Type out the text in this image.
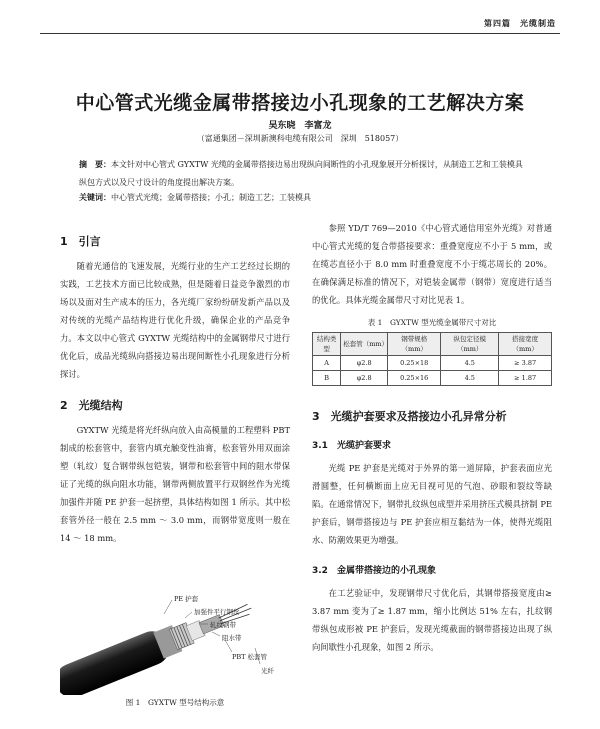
第四篇　光缆制造
中心管式光缆金属带搭接边小孔现象的工艺解决方案
吴东晓　李富龙
（富通集团－深圳新澳科电缆有限公司　深圳　518057）
摘　要：本文针对中心管式 GYXTW 光缆的金属带搭接边易出现纵向间断性的小孔现象展开分析探讨，从制造工艺和工装模具纵包方式以及尺寸设计的角度提出解决方案。
关键词：中心管式光缆；金属带搭接；小孔；制造工艺；工装模具
1　引言

随着光通信的飞速发展，光缆行业的生产工艺经过长期的实践，工艺技术方面已比较成熟，但是随着日益竞争激烈的市场以及面对生产成本的压力，各光缆厂家纷纷研发新产品以及对传统的光缆产品结构进行优化升级，确保企业的产品竞争力。本文以中心管式 GYXTW 光缆结构中的金属钢带尺寸进行优化后，成品光缆纵向搭接边易出现间断性小孔现象进行分析探讨。

2　光缆结构

GYXTW 光缆是将光纤纵向放入由高模量的工程塑料 PBT 制成的松套管中，套管内填充触变性油膏，松套管外用双面涂塑（轧纹）复合钢带纵包铠装，钢带和松套管中间的阻水带保证了光缆的纵向阻水功能，钢带两侧放置平行双钢丝作为光缆加强件并随 PE 护套一起挤塑，具体结构如图 1 所示。其中松套管外径一般在 2.5 mm ～ 3.0 mm，而钢带宽度则一般在 14 ～ 18 mm。

PE 护套
加强件平行钢丝
轧纹钢带
阻水带
PBT 松套管
光纤
图 1　GYXTW 型号结构示意

参照 YD/T 769—2010《中心管式通信用室外光缆》对普通中心管式光缆的复合带搭接要求：重叠宽度应不小于 5 mm，或在缆芯直径小于 8.0 mm 时重叠宽度不小于缆芯周长的 20%。在确保满足标准的情况下，对铠装金属带（钢带）宽度进行适当的优化。具体光缆金属带尺寸对比见表 1。

表 1　GYXTW 型光缆金属带尺寸对比
结构类型	松套管（mm）	钢带规格（mm）	纵包定径模（mm）	搭接宽度（mm）
A	φ2.8	0.25×18	4.5	≥ 3.87
B	φ2.8	0.25×16	4.5	≥ 1.87
3　光缆护套要求及搭接边小孔异常分析
3.1　光缆护套要求

光缆 PE 护套是光缆对于外界的第一道屏障，护套表面应光滑圆整，任何横断面上应无目视可见的气泡、砂眼和裂纹等缺陷。在通常情况下，钢带扎纹纵包成型并采用挤压式模具挤制 PE 护套后，钢带搭接边与 PE 护套应相互黏结为一体，使得光缆阻水、防潮效果更为增强。

3.2　金属带搭接边的小孔现象

在工艺验证中，发现钢带尺寸优化后，其钢带搭接宽度由≥ 3.87 mm 变为了≥ 1.87 mm，缩小比例达 51% 左右，扎纹钢带纵包成形被 PE 护套后，发现光缆截面的钢带搭接边出现了纵向间歇性小孔现象，如图 2 所示。
